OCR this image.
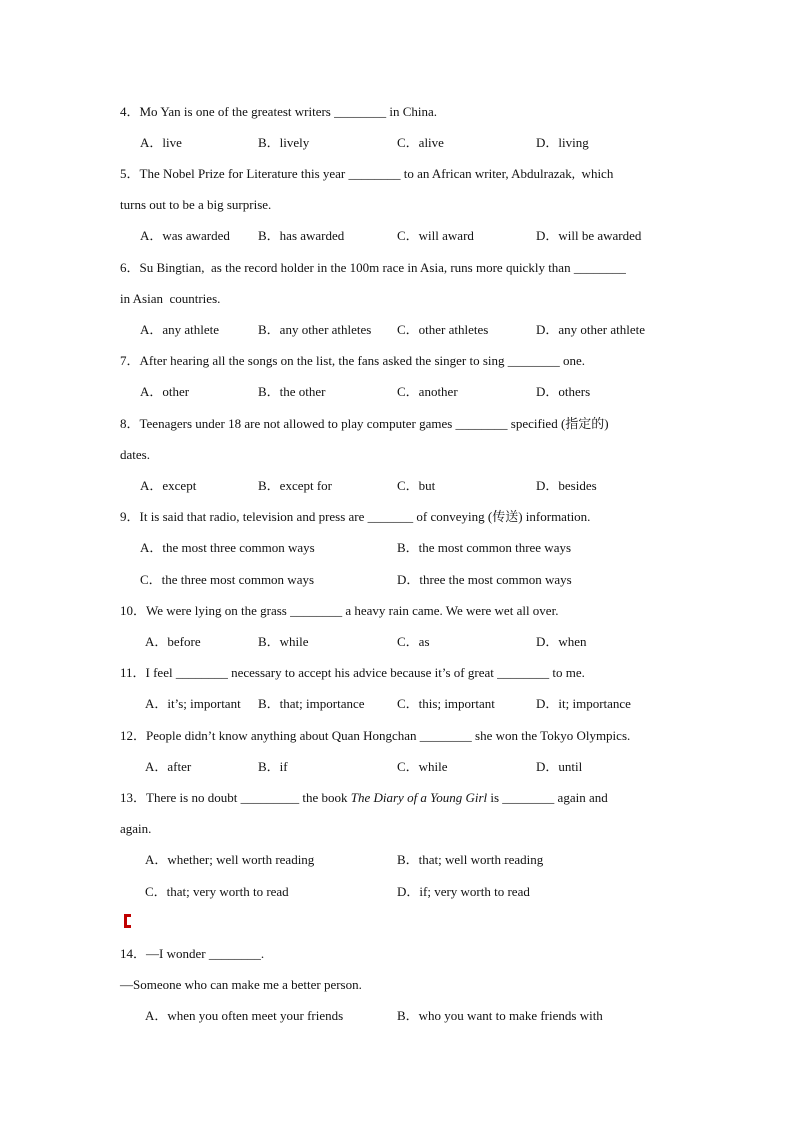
4．Mo Yan is one of the greatest writers ________ in China.
A．live	B．lively	C．alive	D．living
5．The Nobel Prize for Literature this year ________ to an African writer, Abdulrazak,  which
turns out to be a big surprise.
A．was awarded B．has awarded	C．will award	D．will be awarded
6．Su Bingtian,  as the record holder in the 100m race in Asia, runs more quickly than ________
in Asian  countries.
A．any athlete	B．any other athletes C．other athletes	D．any other athlete
7．After hearing all the songs on the list, the fans asked the singer to sing ________ one.
A．other	B．the other	C．another	D．others
8．Teenagers under 18 are not allowed to play computer games ________ specified (指定的)
dates.
A．except	B．except for	C．but	D．besides
9．It is said that radio, television and press are _______ of conveying (传送) information.
A．the most three common ways	B．the most common three ways
C．the three most common ways	D．three the most common ways
10．We were lying on the grass ________ a heavy rain came. We were wet all over.
A．before	B．while	C．as	D．when
11．I feel ________ necessary to accept his advice because it’s of great ________ to me.
A．it’s; important B．that; importance C．this; important	D．it; importance
12．People didn’t know anything about Quan Hongchan ________ she won the Tokyo Olympics.
A．after	B．if	C．while	D．until
13．There is no doubt _________ the book The Diary of a Young Girl is ________ again and
again.
A．whether; well worth reading	B．that; well worth reading
C．that; very worth to read	D．if; very worth to read
14．—I wonder ________.
—Someone who can make me a better person.
A．when you often meet your friends	B．who you want to make friends with
